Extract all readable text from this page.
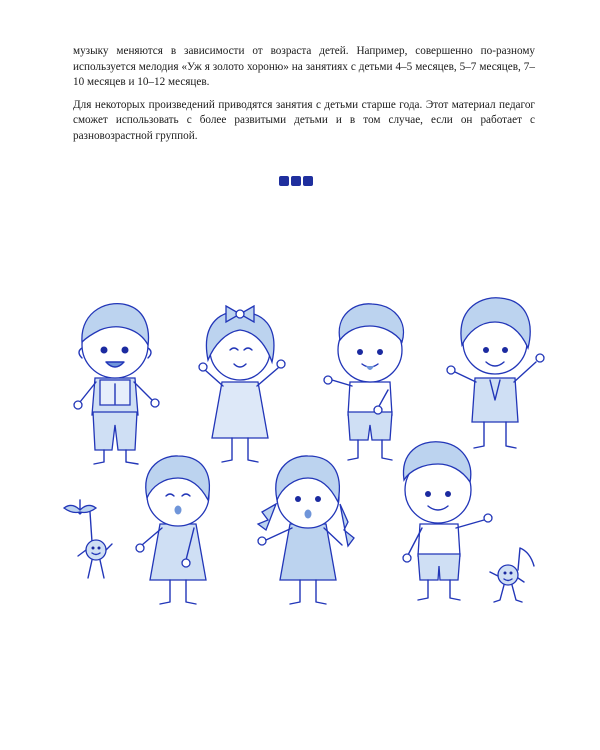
музыку меняются в зависимости от возраста детей. Например, совершенно по-разному используется мелодия «Уж я золото хороню» на занятиях с детьми 4–5 месяцев, 5–7 месяцев, 7–10 месяцев и 10–12 месяцев.

Для некоторых произведений приводятся занятия с детьми старше года. Этот материал педагог сможет использовать с более развитыми детьми и в том случае, если он работает с разновозрастной группой.
